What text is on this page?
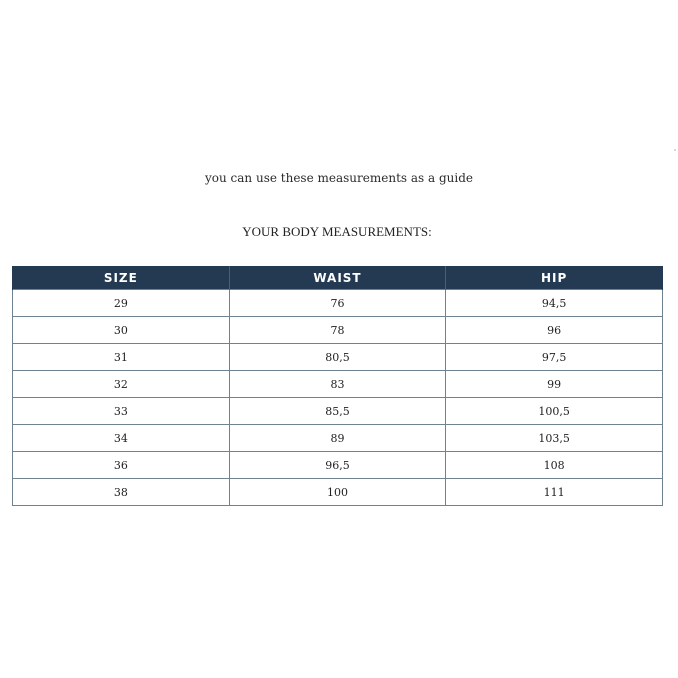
you can use these measurements as a guide
YOUR BODY MEASUREMENTS:
SIZE	WAIST	HIP
29	76	94,5
30	78	96
31	80,5	97,5
32	83	99
33	85,5	100,5
34	89	103,5
36	96,5	108
38	100	111
